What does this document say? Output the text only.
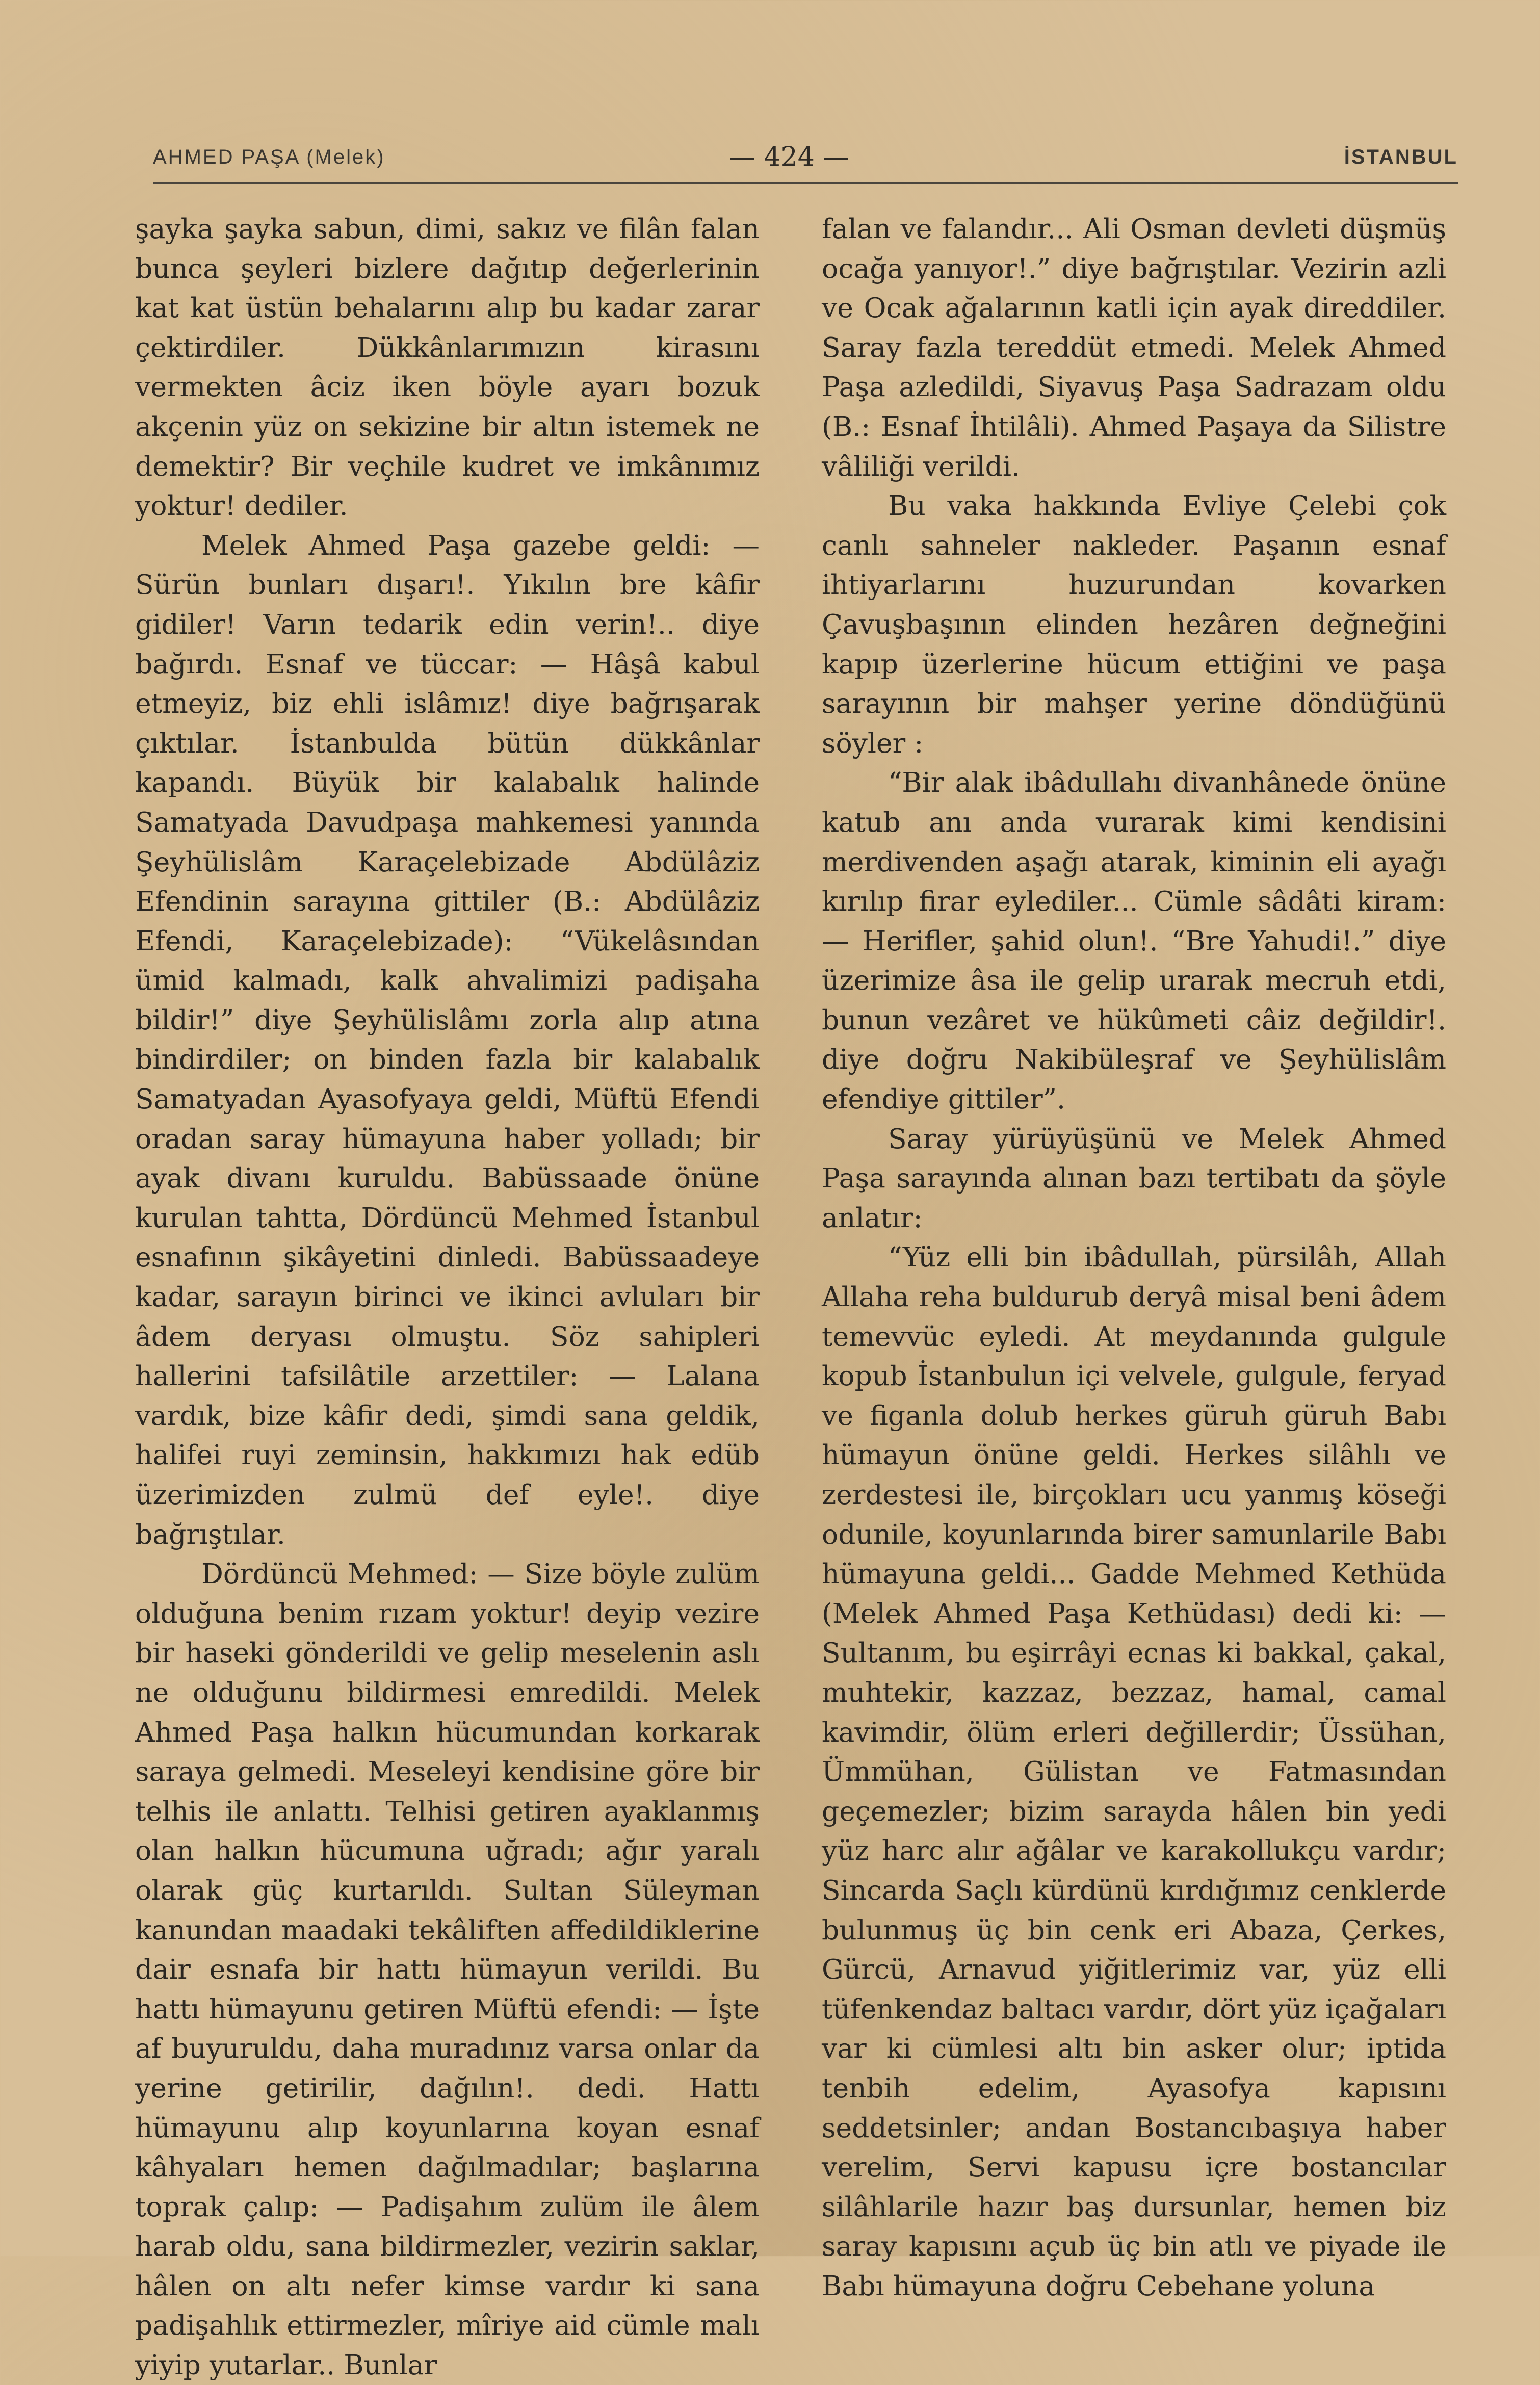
AHMED PAŞA (Melek)	— 424 —	İSTANBUL

şayka şayka sabun, dimi, sakız ve filân falan bunca şeyleri bizlere dağıtıp değerlerinin kat kat üstün behalarını alıp bu kadar zarar çektirdiler. Dükkânlarımızın kirasını vermekten âciz iken böyle ayarı bozuk akçenin yüz on sekizine bir altın istemek ne demektir? Bir veçhile kudret ve imkânımız yoktur! dediler.

Melek Ahmed Paşa gazebe geldi: — Sürün bunları dışarı!. Yıkılın bre kâfir gidiler! Varın tedarik edin verin!.. diye bağırdı. Esnaf ve tüccar: — Hâşâ kabul etmeyiz, biz ehli islâmız! diye bağrışarak çıktılar. İstanbulda bütün dükkânlar kapandı. Büyük bir kalabalık halinde Samatyada Davudpaşa mahkemesi yanında Şeyhülislâm Karaçelebizade Abdülâziz Efendinin sarayına gittiler (B.: Abdülâziz Efendi, Karaçelebizade): “Vükelâsından ümid kalmadı, kalk ahvalimizi padişaha bildir!” diye Şeyhülislâmı zorla alıp atına bindirdiler; on binden fazla bir kalabalık Samatyadan Ayasofyaya geldi, Müftü Efendi oradan saray hümayuna haber yolladı; bir ayak divanı kuruldu. Babüssaade önüne kurulan tahtta, Dördüncü Mehmed İstanbul esnafının şikâyetini dinledi. Babüssaadeye kadar, sarayın birinci ve ikinci avluları bir âdem deryası olmuştu. Söz sahipleri hallerini tafsilâtile arzettiler: — Lalana vardık, bize kâfir dedi, şimdi sana geldik, halifei ruyi zeminsin, hakkımızı hak edüb üzerimizden zulmü def eyle!. diye bağrıştılar.

Dördüncü Mehmed: — Size böyle zulüm olduğuna benim rızam yoktur! deyip vezire bir haseki gönderildi ve gelip meselenin aslı ne olduğunu bildirmesi emredildi. Melek Ahmed Paşa halkın hücumundan korkarak saraya gelmedi. Meseleyi kendisine göre bir telhis ile anlattı. Telhisi getiren ayaklanmış olan halkın hücumuna uğradı; ağır yaralı olarak güç kurtarıldı. Sultan Süleyman kanundan maadaki tekâliften affedildiklerine dair esnafa bir hattı hümayun verildi. Bu hattı hümayunu getiren Müftü efendi: — İşte af buyuruldu, daha muradınız varsa onlar da yerine getirilir, dağılın!. dedi. Hattı hümayunu alıp koyunlarına koyan esnaf kâhyaları hemen dağılmadılar; başlarına toprak çalıp: — Padişahım zulüm ile âlem harab oldu, sana bildirmezler, vezirin saklar, hâlen on altı nefer kimse vardır ki sana padişahlık ettirmezler, mîriye aid cümle malı yiyip yutarlar.. Bunlar

falan ve falandır... Ali Osman devleti düşmüş ocağa yanıyor!.” diye bağrıştılar. Vezirin azli ve Ocak ağalarının katli için ayak direddiler. Saray fazla tereddüt etmedi. Melek Ahmed Paşa azledildi, Siyavuş Paşa Sadrazam oldu (B.: Esnaf İhtilâli). Ahmed Paşaya da Silistre vâliliği verildi.

Bu vaka hakkında Evliye Çelebi çok canlı sahneler nakleder. Paşanın esnaf ihtiyarlarını huzurundan kovarken Çavuşbaşının elinden hezâren değneğini kapıp üzerlerine hücum ettiğini ve paşa sarayının bir mahşer yerine döndüğünü söyler :

“Bir alak ibâdullahı divanhânede önüne katub anı anda vurarak kimi kendisini merdivenden aşağı atarak, kiminin eli ayağı kırılıp firar eylediler... Cümle sâdâti kiram: — Herifler, şahid olun!. “Bre Yahudi!.” diye üzerimize âsa ile gelip urarak mecruh etdi, bunun vezâret ve hükûmeti câiz değildir!. diye doğru Nakibüleşraf ve Şeyhülislâm efendiye gittiler”.

Saray yürüyüşünü ve Melek Ahmed Paşa sarayında alınan bazı tertibatı da şöyle anlatır:

“Yüz elli bin ibâdullah, pürsilâh, Allah Allaha reha buldurub deryâ misal beni âdem temevvüc eyledi. At meydanında gulgule kopub İstanbulun içi velvele, gulgule, feryad ve figanla dolub herkes güruh güruh Babı hümayun önüne geldi. Herkes silâhlı ve zerdestesi ile, birçokları ucu yanmış köseği odunile, koyunlarında birer samunlarile Babı hümayuna geldi... Gadde Mehmed Kethüda (Melek Ahmed Paşa Kethüdası) dedi ki: — Sultanım, bu eşirrâyi ecnas ki bakkal, çakal, muhtekir, kazzaz, bezzaz, hamal, camal kavimdir, ölüm erleri değillerdir; Üssühan, Ümmühan, Gülistan ve Fatmasından geçemezler; bizim sarayda hâlen bin yedi yüz harc alır ağâlar ve karakollukçu vardır; Sincarda Saçlı kürdünü kırdığımız cenklerde bulunmuş üç bin cenk eri Abaza, Çerkes, Gürcü, Arnavud yiğitlerimiz var, yüz elli tüfenkendaz baltacı vardır, dört yüz içağaları var ki cümlesi altı bin asker olur; iptida tenbih edelim, Ayasofya kapısını seddetsinler; andan Bostancıbaşıya haber verelim, Servi kapusu içre bostancılar silâhlarile hazır baş dursunlar, hemen biz saray kapısını açub üç bin atlı ve piyade ile Babı hümayuna doğru Cebehane yoluna
